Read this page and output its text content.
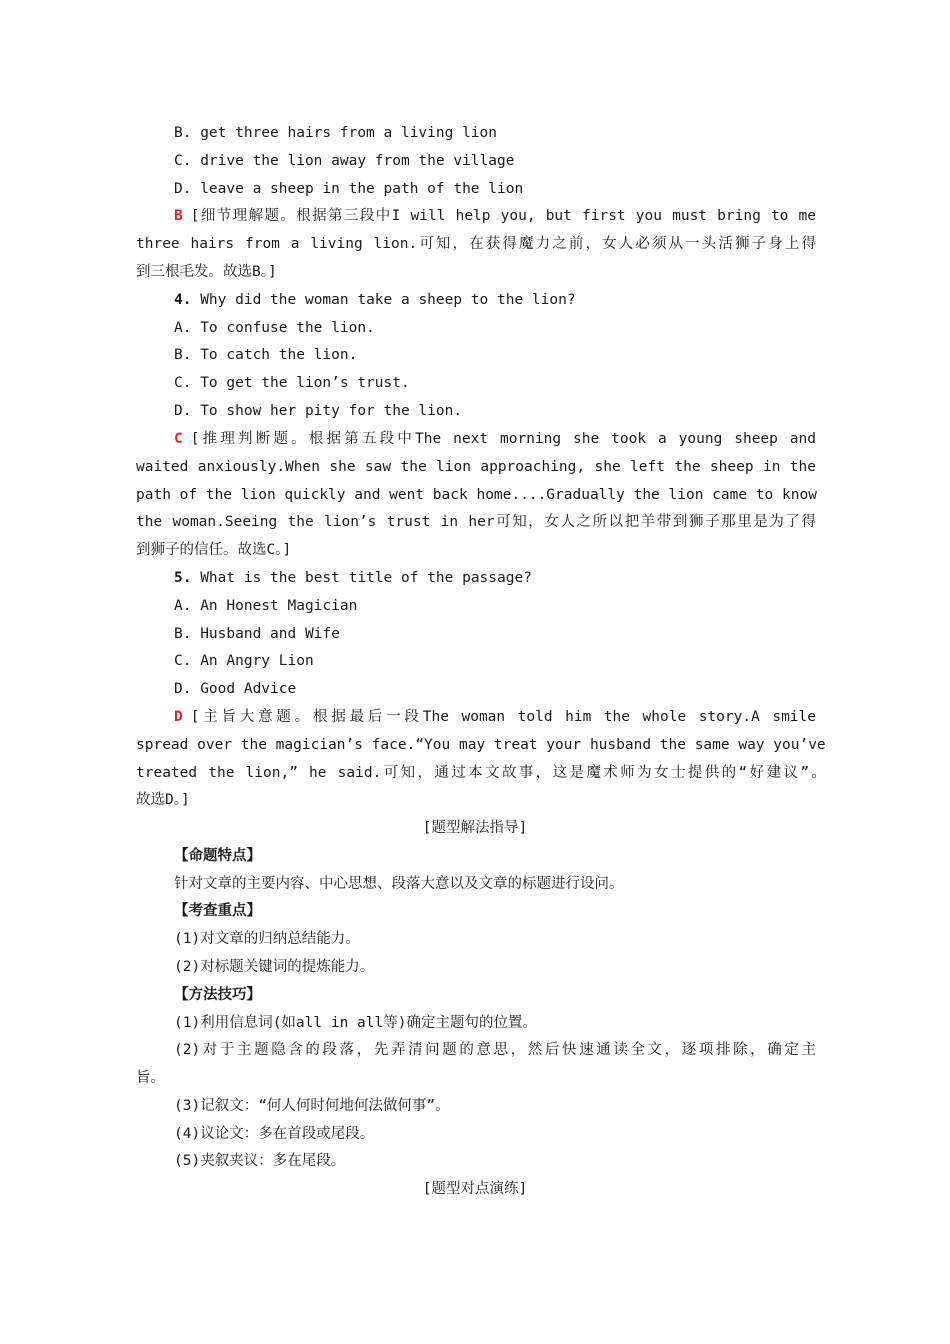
B. get three hairs from a living lion
C. drive the lion away from the village
D. leave a sheep in the path of the lion
B [细节理解题。根据第三段中I will help you, but first you must bring to me
three hairs from a living lion.可知，在获得魔力之前，女人必须从一头活狮子身上得
到三根毛发。故选B。]
4. Why did the woman take a sheep to the lion?
A. To confuse the lion.
B. To catch the lion.
C. To get the lion’s trust.
D. To show her pity for the lion.
C [推理判断题。根据第五段中The next morning she took a young sheep and
waited anxiously.When she saw the lion approaching, she left the sheep in the
path of the lion quickly and went back home....Gradually the lion came to know
the woman.Seeing the lion’s trust in her可知，女人之所以把羊带到狮子那里是为了得
到狮子的信任。故选C。]
5. What is the best title of the passage?
A. An Honest Magician
B. Husband and Wife
C. An Angry Lion
D. Good Advice
D [主旨大意题。根据最后一段The woman told him the whole story.A smile
spread over the magician’s face.“You may treat your husband the same way you’ve
treated the lion,” he said.可知，通过本文故事，这是魔术师为女士提供的“好建议”。
故选D。]
[题型解法指导]
【命题特点】
针对文章的主要内容、中心思想、段落大意以及文章的标题进行设问。
【考查重点】
(1)对文章的归纳总结能力。
(2)对标题关键词的提炼能力。
【方法技巧】
(1)利用信息词(如all in all等)确定主题句的位置。
(2)对于主题隐含的段落，先弄清问题的意思，然后快速通读全文，逐项排除，确定主
旨。
(3)记叙文：“何人何时何地何法做何事”。
(4)议论文：多在首段或尾段。
(5)夹叙夹议：多在尾段。
[题型对点演练]
